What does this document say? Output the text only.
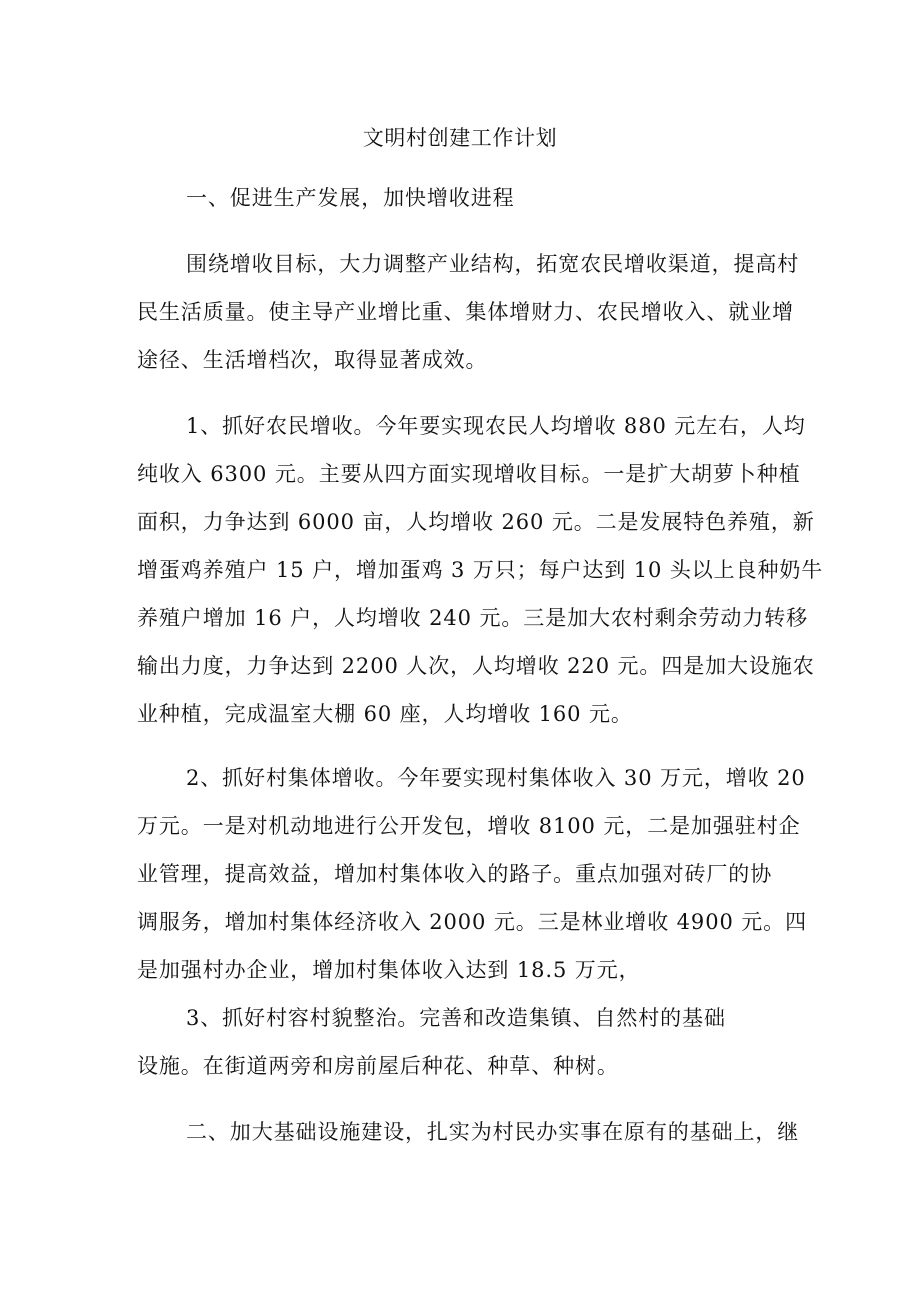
文明村创建工作计划
一、促进生产发展，加快增收进程
围绕增收目标，大力调整产业结构，拓宽农民增收渠道，提高村
民生活质量。使主导产业增比重、集体增财力、农民增收入、就业增
途径、生活增档次，取得显著成效。
1、抓好农民增收。今年要实现农民人均增收 880 元左右，人均
纯收入 6300 元。主要从四方面实现增收目标。一是扩大胡萝卜种植
面积，力争达到 6000 亩，人均增收 260 元。二是发展特色养殖，新
增蛋鸡养殖户 15 户，增加蛋鸡 3 万只；每户达到 10 头以上良种奶牛
养殖户增加 16 户，人均增收 240 元。三是加大农村剩余劳动力转移
输出力度，力争达到 2200 人次，人均增收 220 元。四是加大设施农
业种植，完成温室大棚 60 座，人均增收 160 元。
2、抓好村集体增收。今年要实现村集体收入 30 万元，增收 20
万元。一是对机动地进行公开发包，增收 8100 元，二是加强驻村企
业管理，提高效益，增加村集体收入的路子。重点加强对砖厂的协
调服务，增加村集体经济收入 2000 元。三是林业增收 4900 元。四
是加强村办企业，增加村集体收入达到 18.5 万元，
3、抓好村容村貌整治。完善和改造集镇、自然村的基础
设施。在街道两旁和房前屋后种花、种草、种树。
二、加大基础设施建设，扎实为村民办实事在原有的基础上，继
